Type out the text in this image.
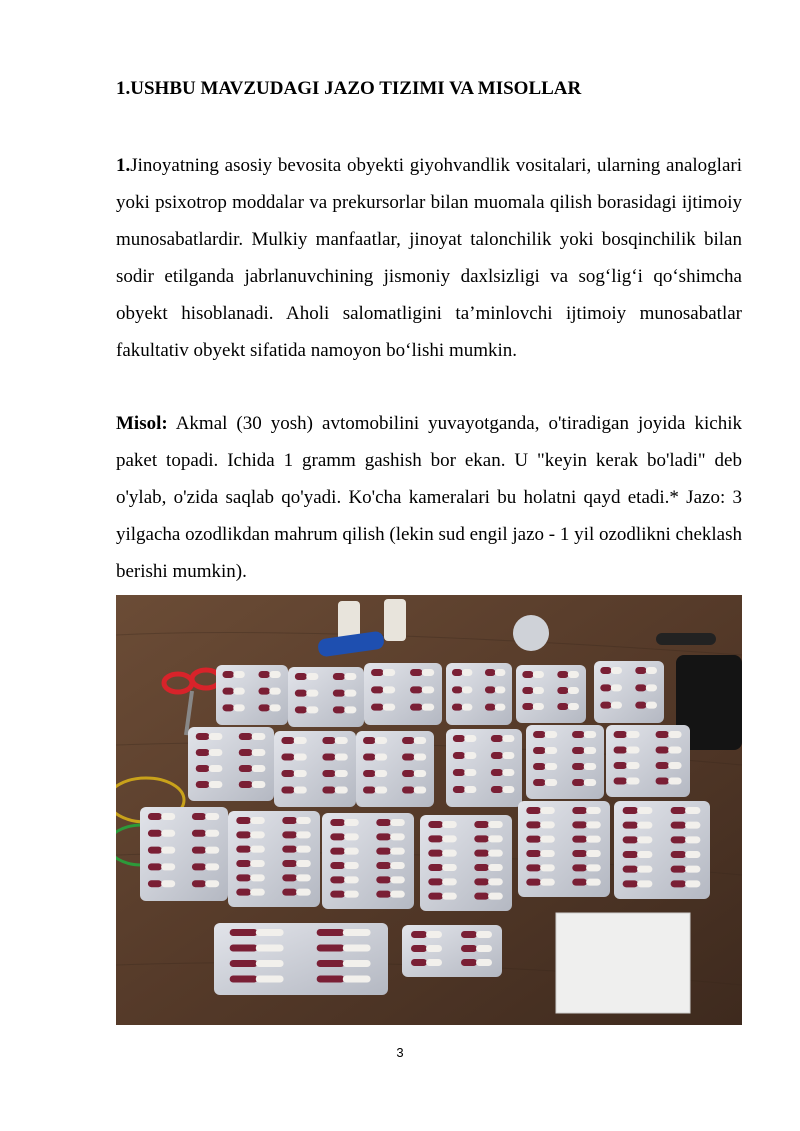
1.USHBU MAVZUDAGI JAZO TIZIMI VA MISOLLAR

1.Jinoyatning asosiy bevosita obyekti giyohvandlik vositalari, ularning analoglari yoki psixotrop moddalar va prekursorlar bilan muomala qilish borasidagi ijtimoiy munosabatlardir. Mulkiy manfaatlar, jinoyat talonchilik yoki bosqinchilik bilan sodir etilganda jabrlanuvchining jismoniy daxlsizligi va sog‘lig‘i qo‘shimcha obyekt hisoblanadi. Aholi salomatligini ta’minlovchi ijtimoiy munosabatlar fakultativ obyekt sifatida namoyon bo‘lishi mumkin.

Misol: Akmal (30 yosh) avtomobilini yuvayotganda, o'tiradigan joyida kichik paket topadi. Ichida 1 gramm gashish bor ekan. U "keyin kerak bo'ladi" deb o'ylab, o'zida saqlab qo'yadi. Ko'cha kameralari bu holatni qayd etadi.* Jazo: 3 yilgacha ozodlikdan mahrum qilish (lekin sud engil jazo - 1 yil ozodlikni cheklash berishi mumkin).

3
